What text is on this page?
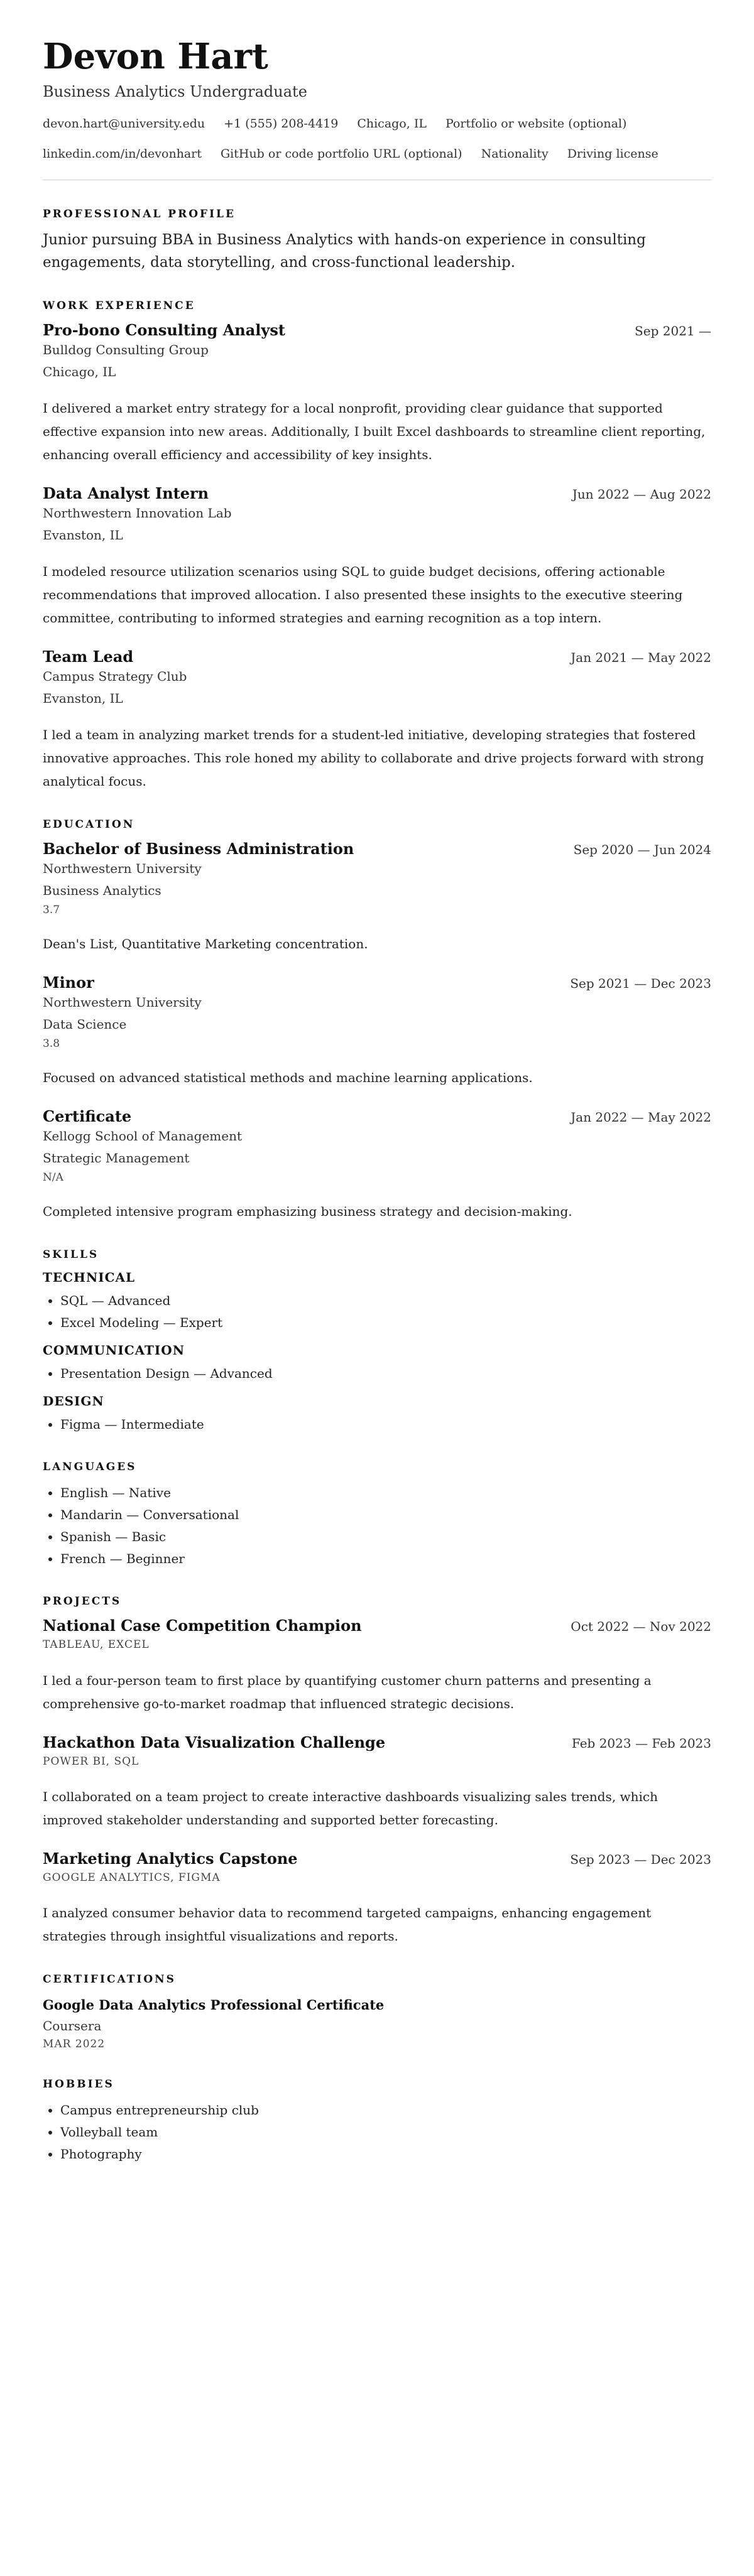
Devon Hart
Business Analytics Undergraduate
devon.hart@university.edu +1 (555) 208-4419 Chicago, IL Portfolio or website (optional)
linkedin.com/in/devonhart GitHub or code portfolio URL (optional) Nationality Driving license
PROFESSIONAL PROFILE

Junior pursuing BBA in Business Analytics with hands-on experience in consulting engagements, data storytelling, and cross-functional leadership.

WORK EXPERIENCE
Pro-bono Consulting Analyst	Sep 2021 —
Bulldog Consulting Group
Chicago, IL
I delivered a market entry strategy for a local nonprofit, providing clear guidance that supported effective expansion into new areas. Additionally, I built Excel dashboards to streamline client reporting, enhancing overall efficiency and accessibility of key insights.
Data Analyst Intern	Jun 2022 — Aug 2022
Northwestern Innovation Lab
Evanston, IL
I modeled resource utilization scenarios using SQL to guide budget decisions, offering actionable recommendations that improved allocation. I also presented these insights to the executive steering committee, contributing to informed strategies and earning recognition as a top intern.
Team Lead	Jan 2021 — May 2022
Campus Strategy Club
Evanston, IL
I led a team in analyzing market trends for a student-led initiative, developing strategies that fostered innovative approaches. This role honed my ability to collaborate and drive projects forward with strong analytical focus.
EDUCATION
Bachelor of Business Administration	Sep 2020 — Jun 2024
Northwestern University
Business Analytics
3.7
Dean's List, Quantitative Marketing concentration.
Minor	Sep 2021 — Dec 2023
Northwestern University
Data Science
3.8
Focused on advanced statistical methods and machine learning applications.
Certificate	Jan 2022 — May 2022
Kellogg School of Management
Strategic Management
N/A
Completed intensive program emphasizing business strategy and decision-making.
SKILLS
TECHNICAL
• SQL — Advanced
• Excel Modeling — Expert
COMMUNICATION
• Presentation Design — Advanced
DESIGN
• Figma — Intermediate
LANGUAGES
• English — Native
• Mandarin — Conversational
• Spanish — Basic
• French — Beginner
PROJECTS
National Case Competition Champion	Oct 2022 — Nov 2022
TABLEAU, EXCEL
I led a four-person team to first place by quantifying customer churn patterns and presenting a comprehensive go-to-market roadmap that influenced strategic decisions.
Hackathon Data Visualization Challenge	Feb 2023 — Feb 2023
POWER BI, SQL
I collaborated on a team project to create interactive dashboards visualizing sales trends, which improved stakeholder understanding and supported better forecasting.
Marketing Analytics Capstone	Sep 2023 — Dec 2023
GOOGLE ANALYTICS, FIGMA
I analyzed consumer behavior data to recommend targeted campaigns, enhancing engagement strategies through insightful visualizations and reports.
CERTIFICATIONS
Google Data Analytics Professional Certificate
Coursera
MAR 2022
HOBBIES
• Campus entrepreneurship club
• Volleyball team
• Photography
